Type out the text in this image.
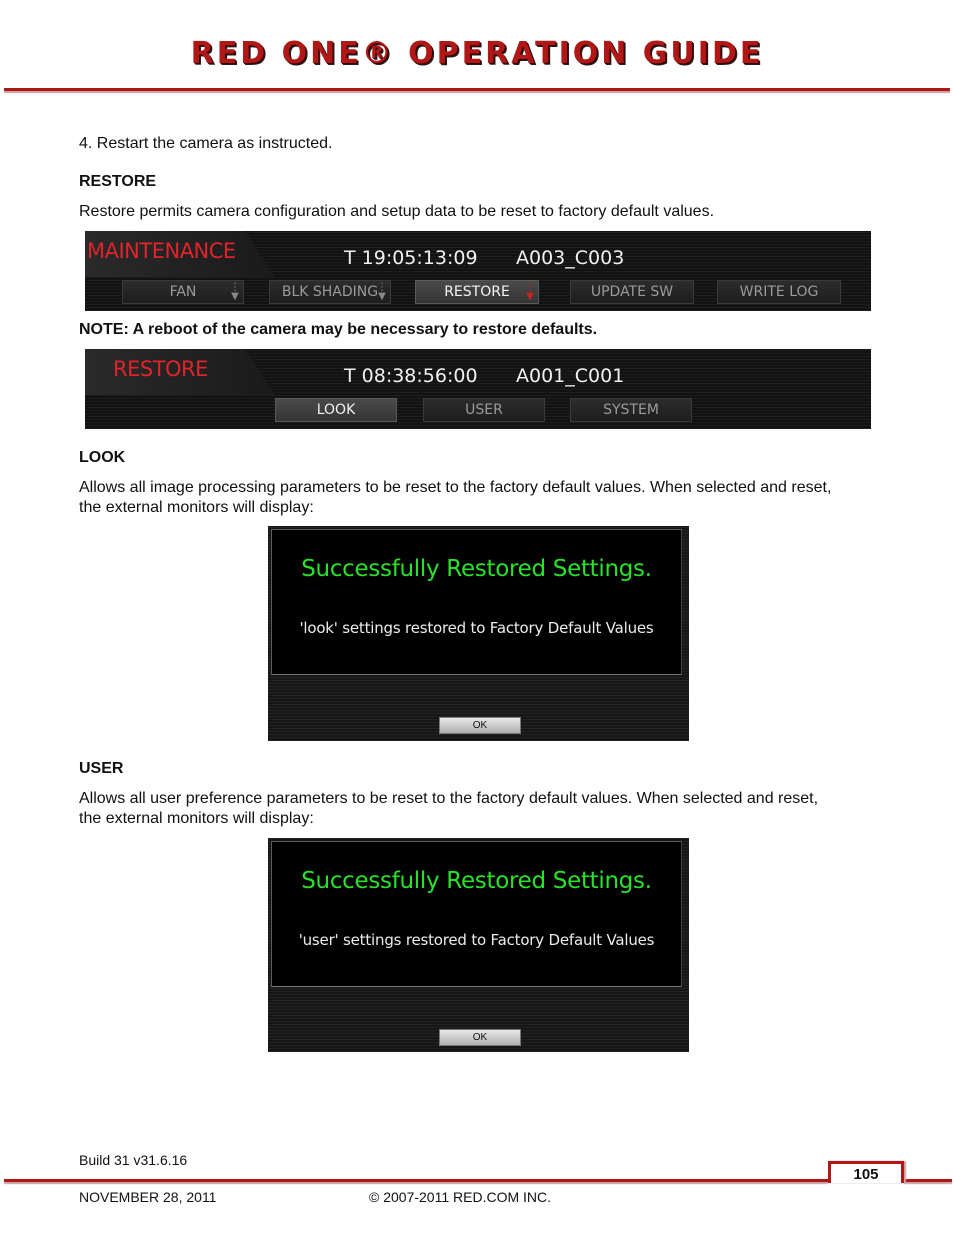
RED ONE® OPERATION GUIDE
4. Restart the camera as instructed.
RESTORE
Restore permits camera configuration and setup data to be reset to factory default values.
MAINTENANCE	T 19:05:13:09 A003_C003
FAN	⋮
▼	BLK SHADING
⋮
▼	RESTORE ⋮
▼	UPDATE SW	WRITE LOG
NOTE: A reboot of the camera may be necessary to restore defaults.
RESTORE	T 08:38:56:00 A001_C001
LOOK	USER	SYSTEM
LOOK
Allows all image processing parameters to be reset to the factory default values. When selected and reset,
the external monitors will display:
Successfully Restored Settings.
'look' settings restored to Factory Default Values
OK
USER
Allows all user preference parameters to be reset to the factory default values. When selected and reset,
the external monitors will display:
Successfully Restored Settings.
'user' settings restored to Factory Default Values
OK
Build 31 v31.6.16
105
NOVEMBER 28, 2011	© 2007-2011 RED.COM INC.
